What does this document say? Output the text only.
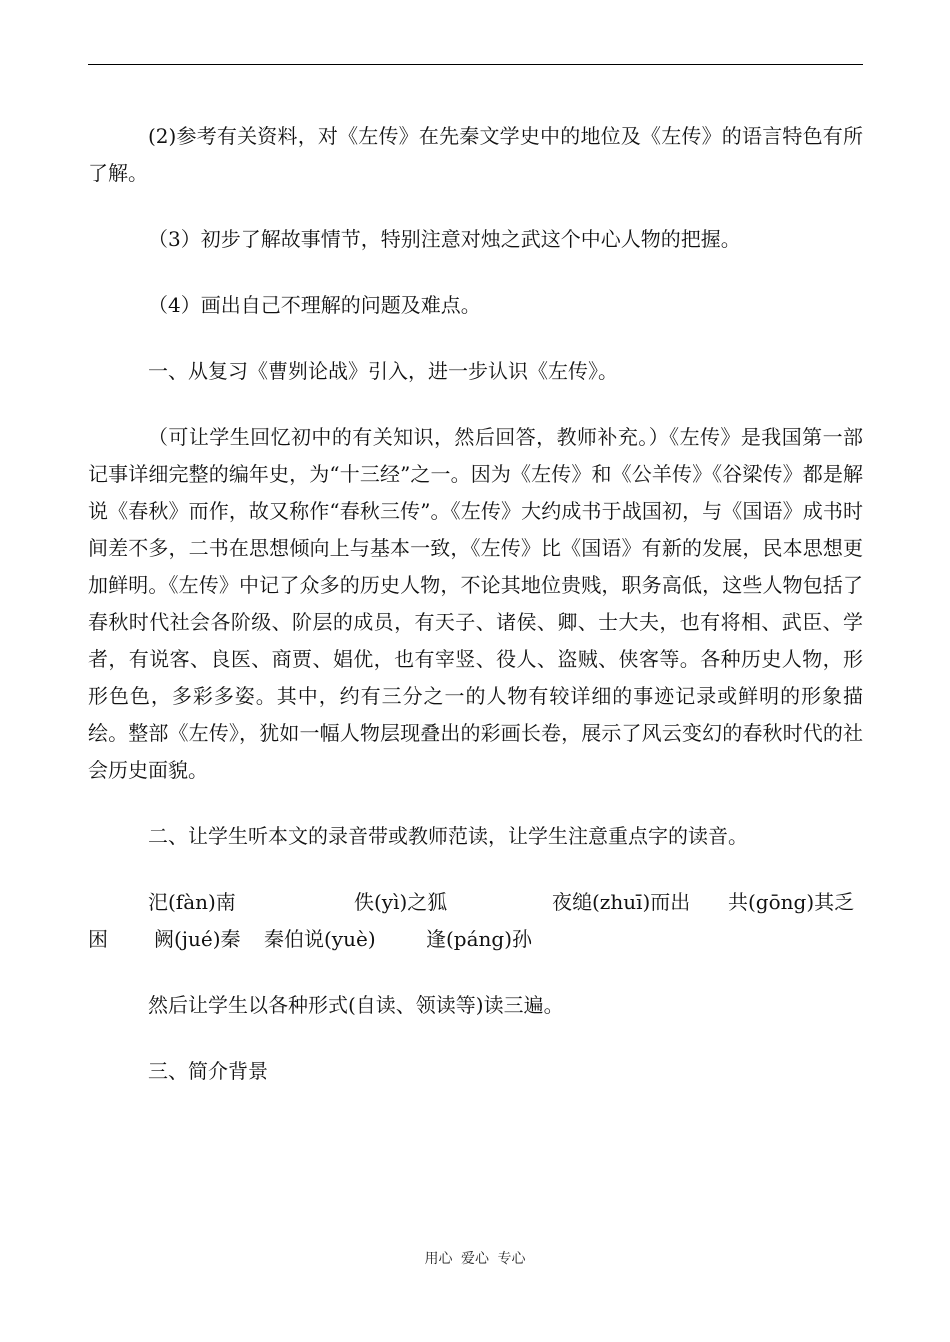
(2)参考有关资料，对《左传》在先秦文学史中的地位及《左传》的语言特色有所了解。

（3）初步了解故事情节，特别注意对烛之武这个中心人物的把握。

（4）画出自己不理解的问题及难点。

一、从复习《曹刿论战》引入，进一步认识《左传》。

（可让学生回忆初中的有关知识，然后回答，教师补充。）《左传》是我国第一部记事详细完整的编年史，为“十三经”之一。因为《左传》和《公羊传》《谷梁传》都是解说《春秋》而作，故又称作“春秋三传”。《左传》大约成书于战国初，与《国语》成书时间差不多，二书在思想倾向上与基本一致，《左传》比《国语》有新的发展，民本思想更加鲜明。《左传》中记了众多的历史人物，不论其地位贵贱，职务高低，这些人物包括了春秋时代社会各阶级、阶层的成员，有天子、诸侯、卿、士大夫，也有将相、武臣、学者，有说客、良医、商贾、娼优，也有宰竖、役人、盗贼、侠客等。各种历史人物，形形色色，多彩多姿。其中，约有三分之一的人物有较详细的事迹记录或鲜明的形象描绘。整部《左传》，犹如一幅人物层现叠出的彩画长卷，展示了风云变幻的春秋时代的社会历史面貌。

二、让学生听本文的录音带或教师范读，让学生注意重点字的读音。

汜(fàn)南	佚(yì)之狐	夜缒(zhuī)而出 共(gōng)其乏
困 阙(jué)秦 秦伯说(yuè)	逢(páng)孙

然后让学生以各种形式(自读、领读等)读三遍。

三、简介背景

用心 爱心 专心
